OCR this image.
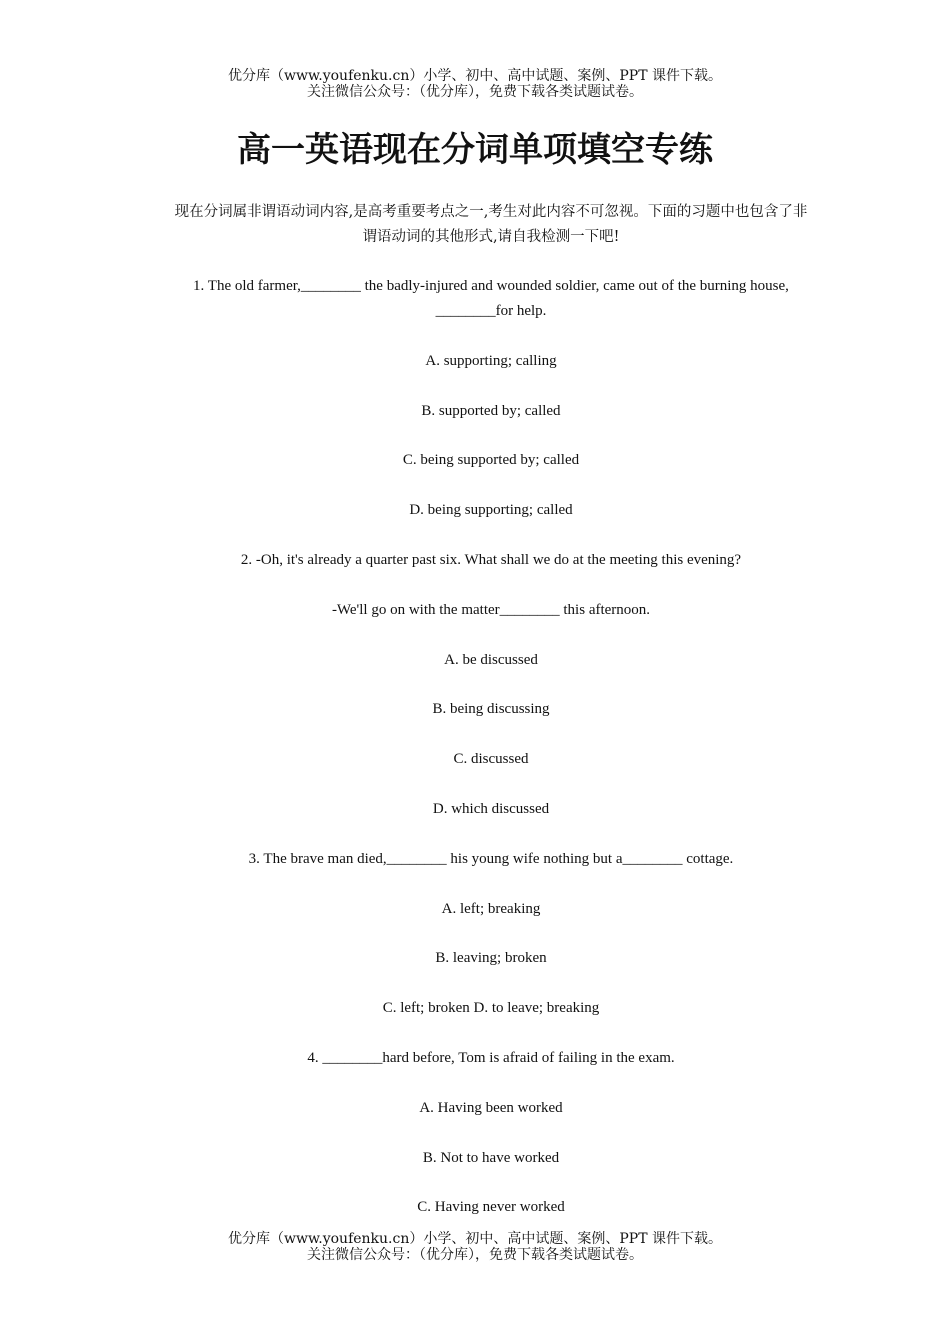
优分库（www.youfenku.cn）小学、初中、高中试题、案例、PPT 课件下载。
关注微信公众号：（优分库），免费下载各类试题试卷。
高一英语现在分词单项填空专练

现在分词属非谓语动词内容,是高考重要考点之一,考生对此内容不可忽视。下面的习题中也包含了非谓语动词的其他形式,请自我检测一下吧!

1. The old farmer,________ the badly-injured and wounded soldier, came out of the burning house, ________for help.

A. supporting; calling

B. supported by; called

C. being supported by; called

D. being supporting; called

2. -Oh, it's already a quarter past six. What shall we do at the meeting this evening?

-We'll go on with the matter________ this afternoon.

A. be discussed

B. being discussing

C. discussed

D. which discussed

3. The brave man died,________ his young wife nothing but a________ cottage.

A. left; breaking

B. leaving; broken

C. left; broken D. to leave; breaking

4. ________hard before, Tom is afraid of failing in the exam.

A. Having been worked

B. Not to have worked

C. Having never worked

优分库（www.youfenku.cn）小学、初中、高中试题、案例、PPT 课件下载。
关注微信公众号：（优分库），免费下载各类试题试卷。
